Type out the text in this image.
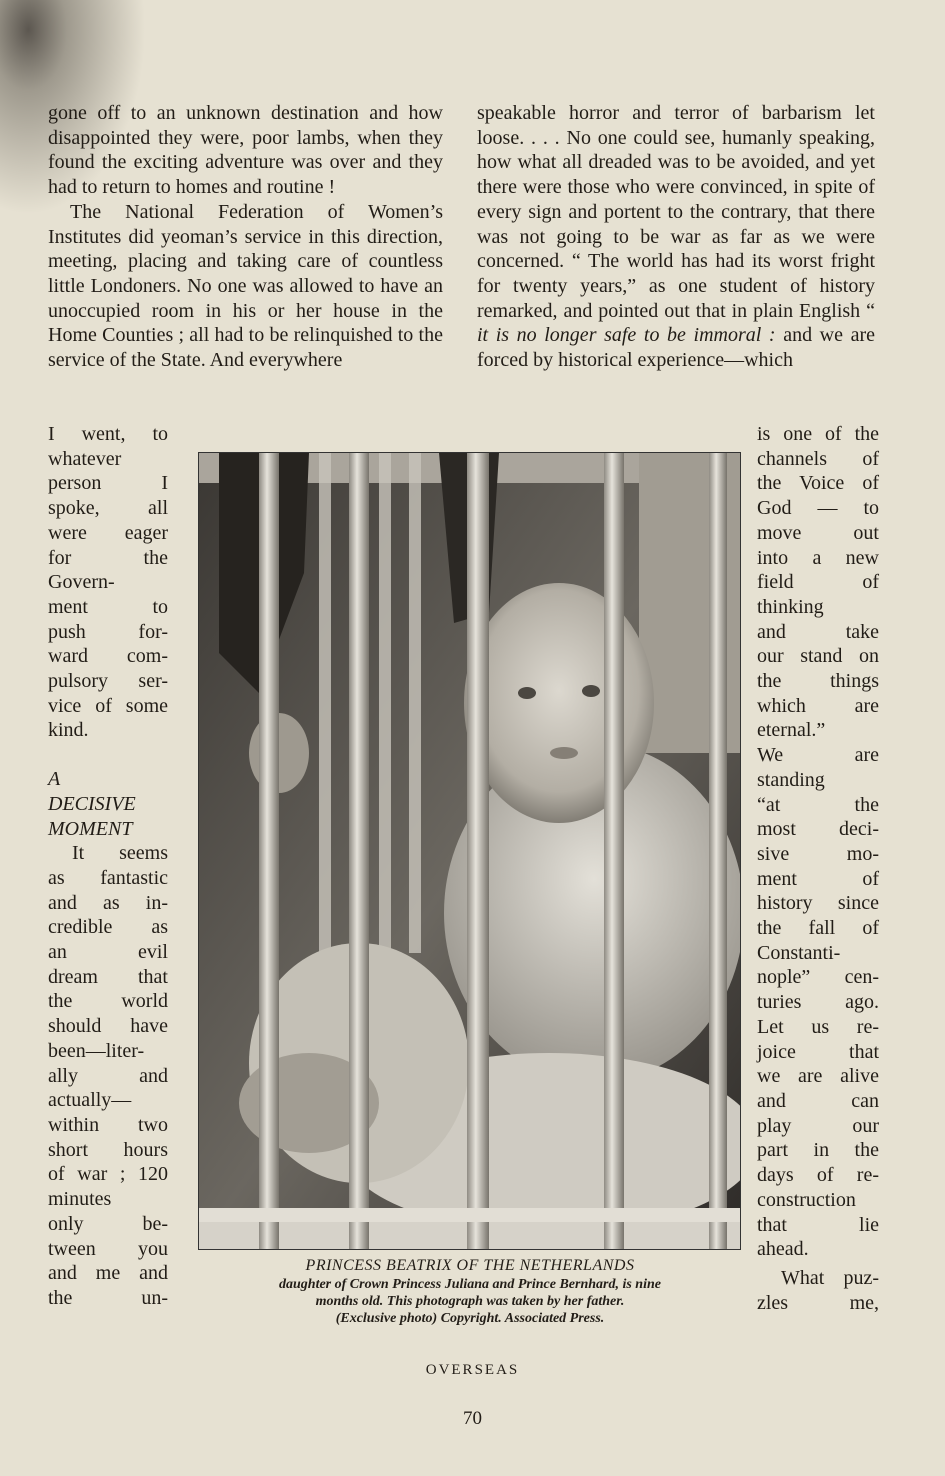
gone off to an unknown destination and how disappointed they were, poor lambs, when they found the exciting adventure was over and they had to return to homes and routine !

The National Federation of Women’s Institutes did yeoman’s service in this direction, meeting, placing and taking care of countless little Londoners. No one was allowed to have an unoccupied room in his or her house in the Home Counties ; all had to be relinquished to the service of the State. And everywhere

I went, to
whatever
person I
spoke, all
were eager
for the
Govern-
ment to
push for-
ward com-
pulsory ser-
vice of some
kind.
A
DECISIVE
MOMENT
It seems
as fantastic
and as in-
credible as
an evil
dream that
the world
should have
been—liter-
ally and
actually—
within two
short hours
of war ; 120
minutes
only be-
tween you
and me and
the un-

speakable horror and terror of barbarism let loose. . . . No one could see, humanly speaking, how what all dreaded was to be avoided, and yet there were those who were convinced, in spite of every sign and portent to the contrary, that there was not going to be war as far as we were concerned. “ The world has had its worst fright for twenty years,” as one student of history remarked, and pointed out that in plain English “ it is no longer safe to be immoral : and we are forced by historical experience—which

is one of the
channels of
the Voice of
God — to
move out
into a new
field of
thinking
and take
our stand on
the things
which are
eternal.”
We are
standing
“at the
most deci-
sive mo-
ment of
history since
the fall of
Constanti-
nople” cen-
turies ago.
Let us re-
joice that
we are alive
and can
play our
part in the
days of re-
construction
that lie
ahead.
What puz-
zles me,
PRINCESS BEATRIX OF THE NETHERLANDS
daughter of Crown Princess Juliana and Prince Bernhard, is nine
months old. This photograph was taken by her father.
(Exclusive photo) Copyright. Associated Press.
OVERSEAS
70
